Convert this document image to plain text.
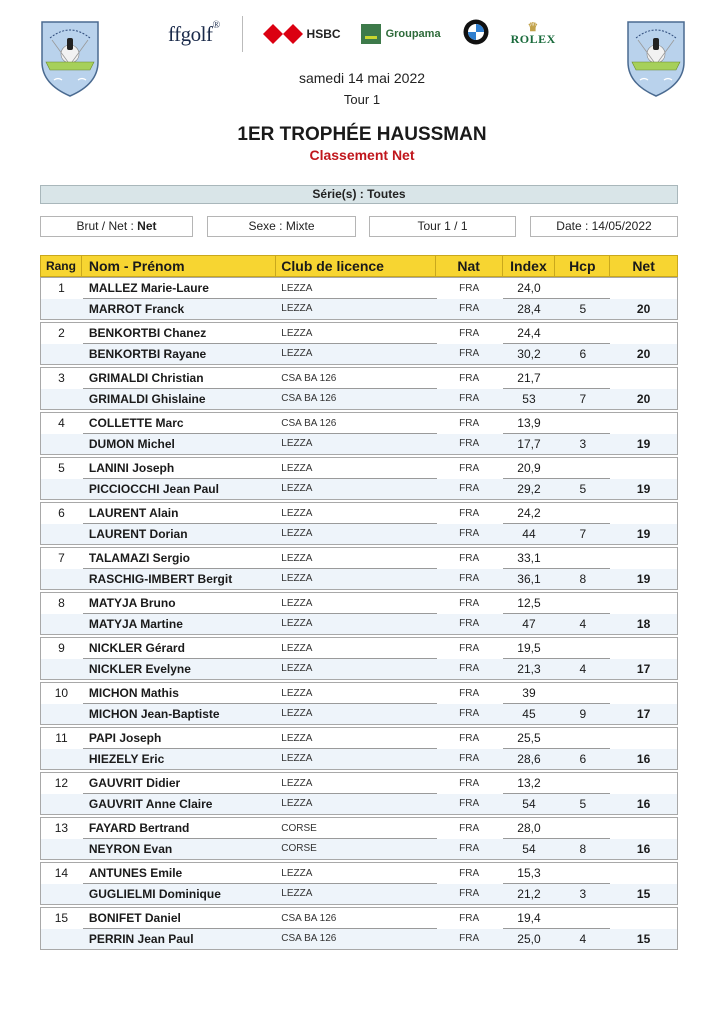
ffgolf®
HSBC	Groupama
♛
ROLEX
samedi 14 mai 2022
Tour 1
1ER TROPHÉE HAUSSMAN
Classement Net
Série(s) : Toutes
Brut / Net : Net	Sexe : Mixte	Tour 1 / 1	Date : 14/05/2022
Rang Nom - Prénom	Club de licence	Nat	Index	Hcp	Net
1	MALLEZ Marie-Laure	LEZZA	FRA	24,0
MARROT Franck	LEZZA	FRA	28,4	5	20
2	BENKORTBI Chanez	LEZZA	FRA	24,4
BENKORTBI Rayane	LEZZA	FRA	30,2	6	20
3	GRIMALDI Christian	CSA BA 126	FRA	21,7
GRIMALDI Ghislaine	CSA BA 126	FRA	53	7	20
4	COLLETTE Marc	CSA BA 126	FRA	13,9
DUMON Michel	LEZZA	FRA	17,7	3	19
5	LANINI Joseph	LEZZA	FRA	20,9
PICCIOCCHI Jean Paul	LEZZA	FRA	29,2	5	19
6	LAURENT Alain	LEZZA	FRA	24,2
LAURENT Dorian	LEZZA	FRA	44	7	19
7	TALAMAZI Sergio	LEZZA	FRA	33,1
RASCHIG-IMBERT Bergit	LEZZA	FRA	36,1	8	19
8	MATYJA Bruno	LEZZA	FRA	12,5
MATYJA Martine	LEZZA	FRA	47	4	18
9	NICKLER Gérard	LEZZA	FRA	19,5
NICKLER Evelyne	LEZZA	FRA	21,3	4	17
10	MICHON Mathis	LEZZA	FRA	39
MICHON Jean-Baptiste	LEZZA	FRA	45	9	17
11	PAPI Joseph	LEZZA	FRA	25,5
HIEZELY Eric	LEZZA	FRA	28,6	6	16
12	GAUVRIT Didier	LEZZA	FRA	13,2
GAUVRIT Anne Claire	LEZZA	FRA	54	5	16
13	FAYARD Bertrand	CORSE	FRA	28,0
NEYRON Evan	CORSE	FRA	54	8	16
14	ANTUNES Emile	LEZZA	FRA	15,3
GUGLIELMI Dominique	LEZZA	FRA	21,2	3	15
15	BONIFET Daniel	CSA BA 126	FRA	19,4
PERRIN Jean Paul	CSA BA 126	FRA	25,0	4	15
